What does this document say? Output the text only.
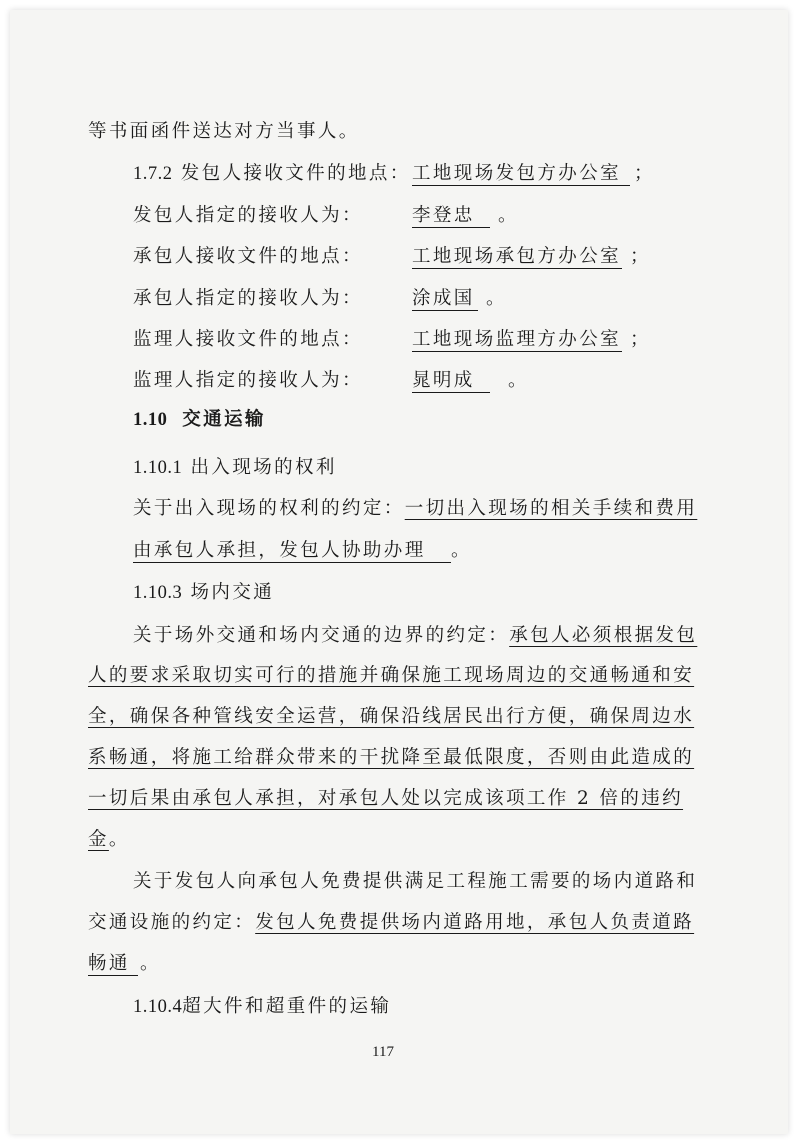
等书面函件送达对方当事人。
1.7.2 发包人接收文件的地点： 工地现场发包方办公室 ；
发包人指定的接收人为：	李登忠 。
承包人接收文件的地点：	工地现场承包方办公室 ；
承包人指定的接收人为：	涂成国 。
监理人接收文件的地点：	工地现场监理方办公室 ；
监理人指定的接收人为：	晁明成 。
1.10 交通运输
1.10.1 出入现场的权利
关于出入现场的权利的约定：一切出入现场的相关手续和费用
由承包人承担，发包人协助办理 。
1.10.3 场内交通
关于场外交通和场内交通的边界的约定：承包人必须根据发包
人的要求采取切实可行的措施并确保施工现场周边的交通畅通和安
全，确保各种管线安全运营，确保沿线居民出行方便，确保周边水
系畅通，将施工给群众带来的干扰降至最低限度，否则由此造成的
一切后果由承包人承担，对承包人处以完成该项工作 2 倍的违约
金。
关于发包人向承包人免费提供满足工程施工需要的场内道路和
交通设施的约定：发包人免费提供场内道路用地，承包人负责道路
畅通 。
1.10.4超大件和超重件的运输
117
